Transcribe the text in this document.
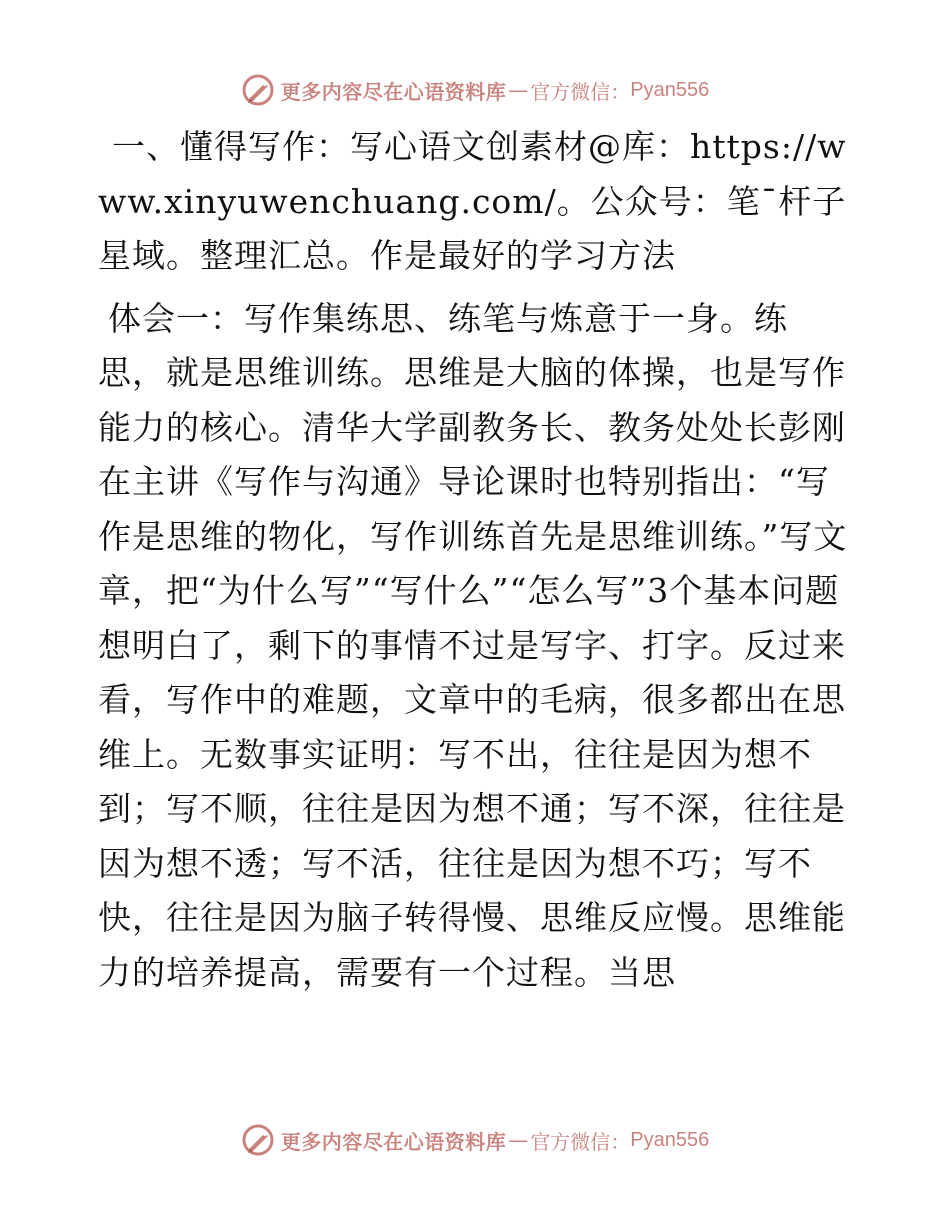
更多内容尽在心语资料库 — 官方微信： Pyan556

一、懂得写作：写心语文创素材@库：https://www.xinyuwenchuang.com/。公众号：笔¯杆子星域。整理汇总。作是最好的学习方法

体会一：写作集练思、练笔与炼意于一身。练思，就是思维训练。思维是大脑的体操，也是写作能力的核心。清华大学副教务长、教务处处长彭刚在主讲《写作与沟通》导论课时也特别指出：“写作是思维的物化，写作训练首先是思维训练。”写文章，把“为什么写”“写什么”“怎么写”3个基本问题想明白了，剩下的事情不过是写字、打字。反过来看，写作中的难题，文章中的毛病，很多都出在思维上。无数事实证明：写不出，往往是因为想不到；写不顺，往往是因为想不通；写不深，往往是因为想不透；写不活，往往是因为想不巧；写不快，往往是因为脑子转得慢、思维反应慢。思维能力的培养提高，需要有一个过程。当思

更多内容尽在心语资料库 — 官方微信： Pyan556
